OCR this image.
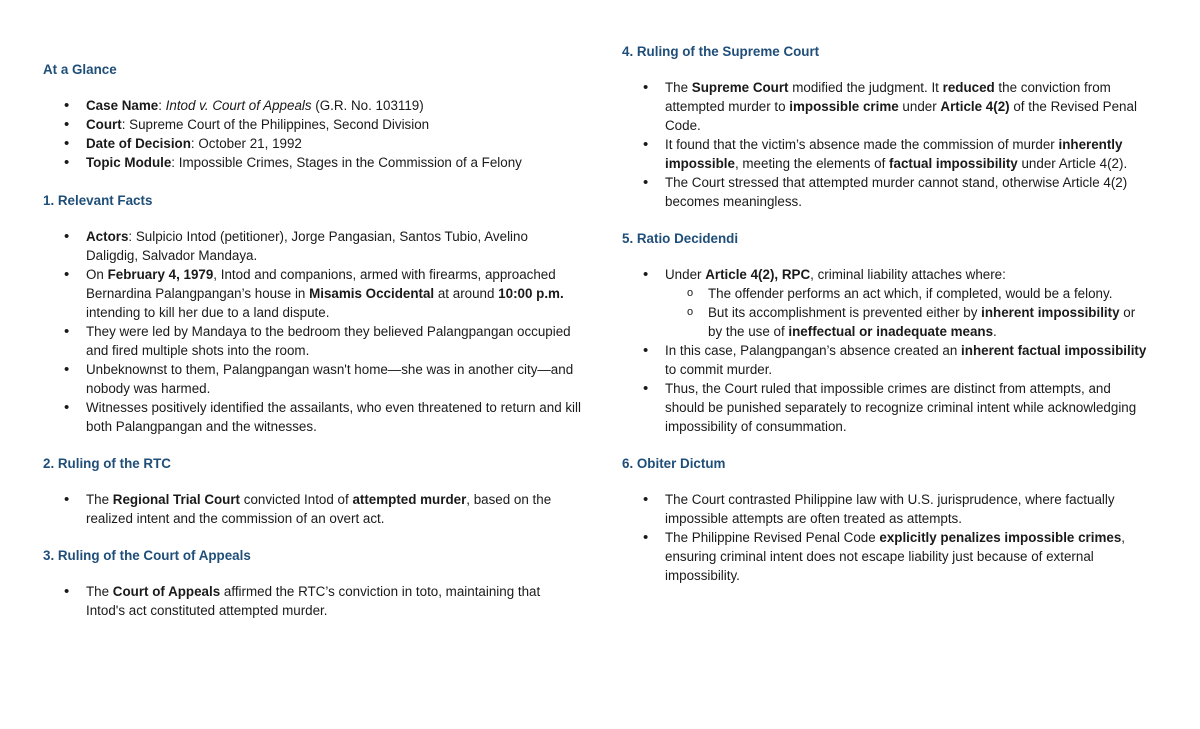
At a Glance
• Case Name: Intod v. Court of Appeals (G.R. No. 103119)
• Court: Supreme Court of the Philippines, Second Division
• Date of Decision: October 21, 1992
• Topic Module: Impossible Crimes, Stages in the Commission of a Felony
1. Relevant Facts
• Actors: Sulpicio Intod (petitioner), Jorge Pangasian, Santos Tubio, Avelino Daligdig, Salvador Mandaya.
• On February 4, 1979, Intod and companions, armed with firearms, approached Bernardina Palangpangan’s house in Misamis Occidental at around 10:00 p.m. intending to kill her due to a land dispute.
• They were led by Mandaya to the bedroom they believed Palangpangan occupied and fired multiple shots into the room.
• Unbeknownst to them, Palangpangan wasn't home—she was in another city—and nobody was harmed.
• Witnesses positively identified the assailants, who even threatened to return and kill both Palangpangan and the witnesses.
2. Ruling of the RTC
• The Regional Trial Court convicted Intod of attempted murder, based on the realized intent and the commission of an overt act.
3. Ruling of the Court of Appeals
• The Court of Appeals affirmed the RTC’s conviction in toto, maintaining that Intod's act constituted attempted murder.
4. Ruling of the Supreme Court
• The Supreme Court modified the judgment. It reduced the conviction from attempted murder to impossible crime under Article 4(2) of the Revised Penal Code.
• It found that the victim’s absence made the commission of murder inherently impossible, meeting the elements of factual impossibility under Article 4(2).
• The Court stressed that attempted murder cannot stand, otherwise Article 4(2) becomes meaningless.
5. Ratio Decidendi
• Under Article 4(2), RPC, criminal liability attaches where:
o The offender performs an act which, if completed, would be a felony.
o But its accomplishment is prevented either by inherent impossibility or by the use of ineffectual or inadequate means.
• In this case, Palangpangan’s absence created an inherent factual impossibility to commit murder.
• Thus, the Court ruled that impossible crimes are distinct from attempts, and should be punished separately to recognize criminal intent while acknowledging impossibility of consummation.
6. Obiter Dictum
• The Court contrasted Philippine law with U.S. jurisprudence, where factually impossible attempts are often treated as attempts.
• The Philippine Revised Penal Code explicitly penalizes impossible crimes, ensuring criminal intent does not escape liability just because of external impossibility.
